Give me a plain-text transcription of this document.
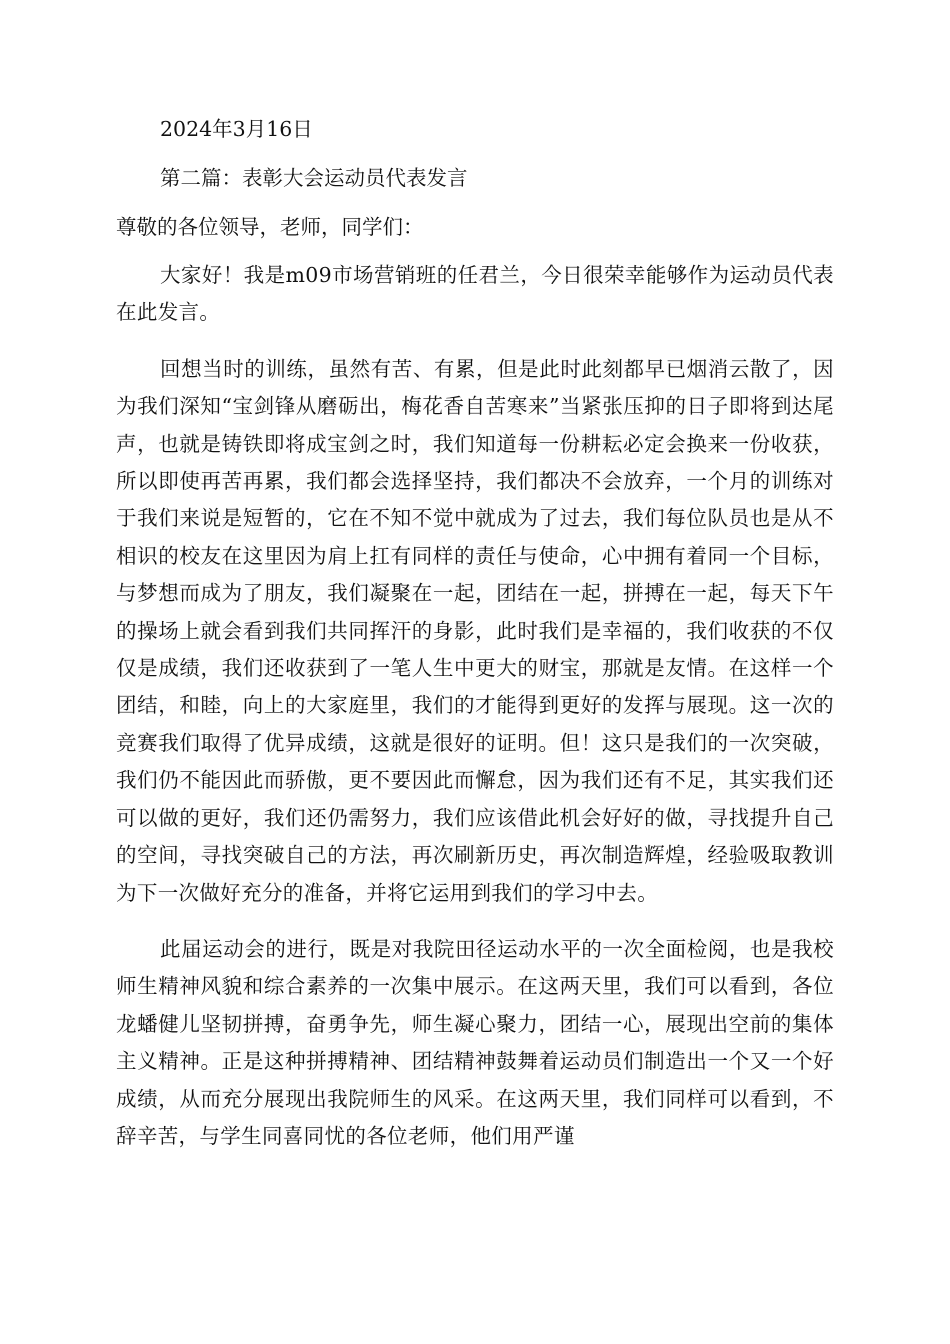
2024年3月16日

第二篇：表彰大会运动员代表发言

尊敬的各位领导，老师，同学们：

大家好！我是m09市场营销班的任君兰，今日很荣幸能够作为运动员代表在此发言。

回想当时的训练，虽然有苦、有累，但是此时此刻都早已烟消云散了，因为我们深知“宝剑锋从磨砺出，梅花香自苦寒来”当紧张压抑的日子即将到达尾声，也就是铸铁即将成宝剑之时，我们知道每一份耕耘必定会换来一份收获，所以即使再苦再累，我们都会选择坚持，我们都决不会放弃，一个月的训练对于我们来说是短暂的，它在不知不觉中就成为了过去，我们每位队员也是从不相识的校友在这里因为肩上扛有同样的责任与使命，心中拥有着同一个目标，与梦想而成为了朋友，我们凝聚在一起，团结在一起，拼搏在一起，每天下午的操场上就会看到我们共同挥汗的身影，此时我们是幸福的，我们收获的不仅仅是成绩，我们还收获到了一笔人生中更大的财宝，那就是友情。在这样一个团结，和睦，向上的大家庭里，我们的才能得到更好的发挥与展现。这一次的竞赛我们取得了优异成绩，这就是很好的证明。但！这只是我们的一次突破，我们仍不能因此而骄傲，更不要因此而懈怠，因为我们还有不足，其实我们还可以做的更好，我们还仍需努力，我们应该借此机会好好的做，寻找提升自己的空间，寻找突破自己的方法，再次刷新历史，再次制造辉煌，经验吸取教训为下一次做好充分的准备，并将它运用到我们的学习中去。

此届运动会的进行，既是对我院田径运动水平的一次全面检阅，也是我校师生精神风貌和综合素养的一次集中展示。在这两天里，我们可以看到，各位龙蟠健儿坚韧拼搏，奋勇争先，师生凝心聚力，团结一心，展现出空前的集体主义精神。正是这种拼搏精神、团结精神鼓舞着运动员们制造出一个又一个好成绩，从而充分展现出我院师生的风采。在这两天里，我们同样可以看到，不辞辛苦，与学生同喜同忧的各位老师，他们用严谨
